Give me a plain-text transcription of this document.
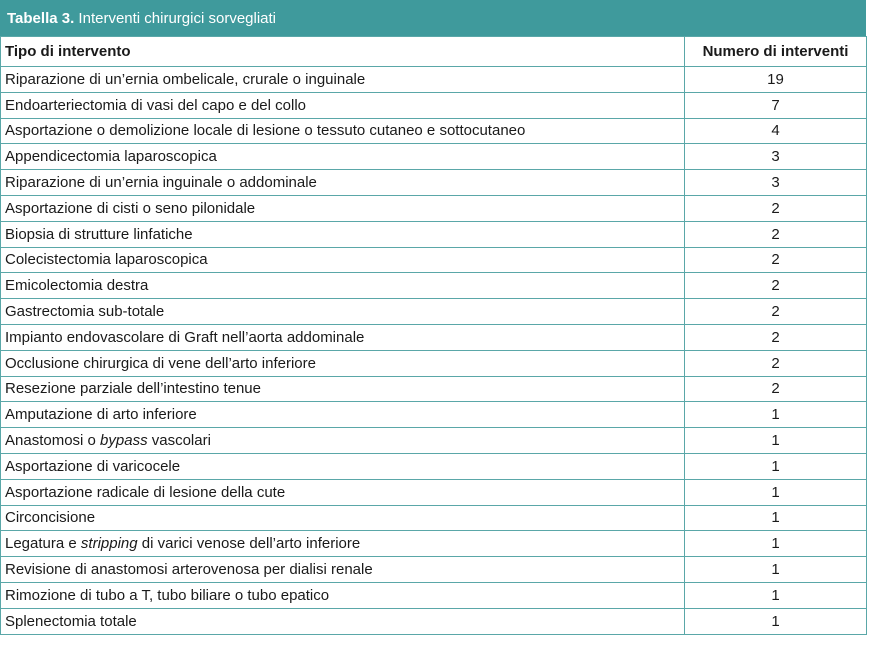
Tabella 3. Interventi chirurgici sorvegliati
Tipo di intervento	Numero di interventi
Riparazione di un’ernia ombelicale, crurale o inguinale	19
Endoarteriectomia di vasi del capo e del collo	7
Asportazione o demolizione locale di lesione o tessuto cutaneo e sottocutaneo	4
Appendicectomia laparoscopica	3
Riparazione di un’ernia inguinale o addominale	3
Asportazione di cisti o seno pilonidale	2
Biopsia di strutture linfatiche	2
Colecistectomia laparoscopica	2
Emicolectomia destra	2
Gastrectomia sub-totale	2
Impianto endovascolare di Graft nell’aorta addominale	2
Occlusione chirurgica di vene dell’arto inferiore	2
Resezione parziale dell’intestino tenue	2
Amputazione di arto inferiore	1
Anastomosi o bypass vascolari	1
Asportazione di varicocele	1
Asportazione radicale di lesione della cute	1
Circoncisione	1
Legatura e stripping di varici venose dell’arto inferiore	1
Revisione di anastomosi arterovenosa per dialisi renale	1
Rimozione di tubo a T, tubo biliare o tubo epatico	1
Splenectomia totale	1
